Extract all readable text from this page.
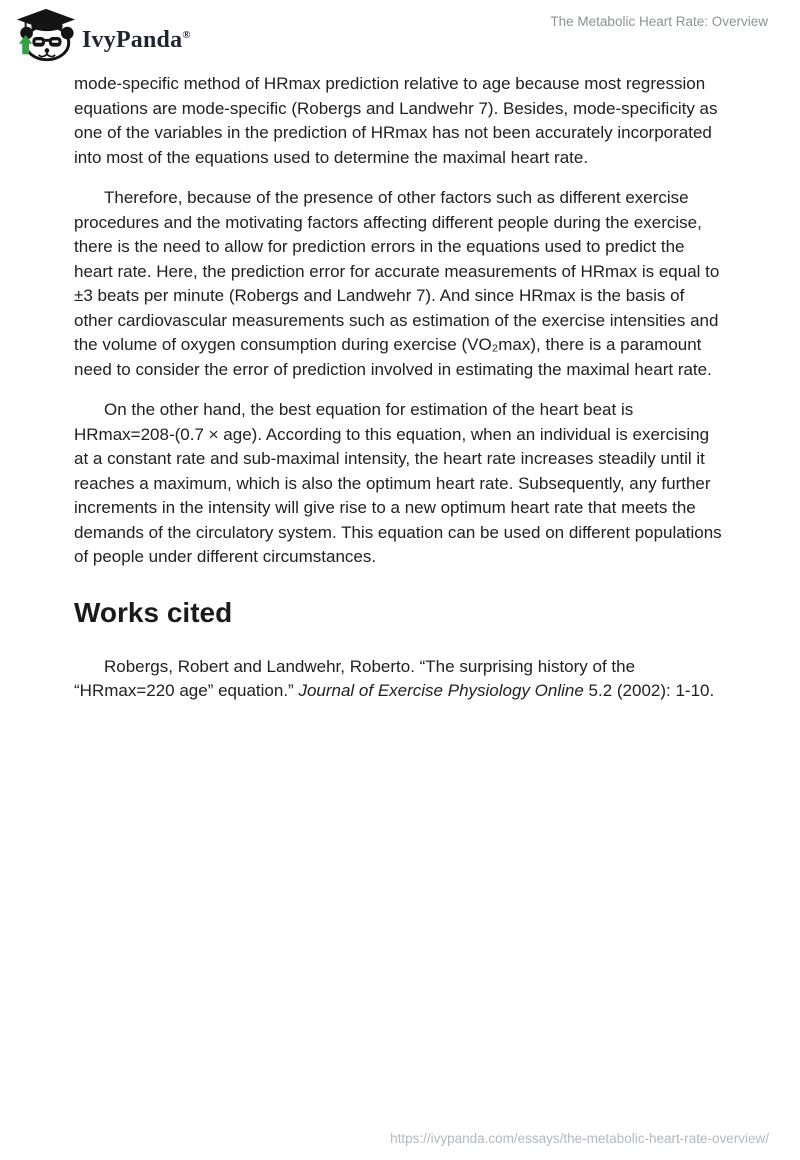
IvyPanda®
The Metabolic Heart Rate: Overview

mode-specific method of HRmax prediction relative to age because most regression equations are mode-specific (Robergs and Landwehr 7). Besides, mode-specificity as one of the variables in the prediction of HRmax has not been accurately incorporated into most of the equations used to determine the maximal heart rate.

Therefore, because of the presence of other factors such as different exercise procedures and the motivating factors affecting different people during the exercise, there is the need to allow for prediction errors in the equations used to predict the heart rate. Here, the prediction error for accurate measurements of HRmax is equal to ±3 beats per minute (Robergs and Landwehr 7). And since HRmax is the basis of other cardiovascular measurements such as estimation of the exercise intensities and the volume of oxygen consumption during exercise (VO₂max), there is a paramount need to consider the error of prediction involved in estimating the maximal heart rate.

On the other hand, the best equation for estimation of the heart beat is HRmax=208-(0.7 × age). According to this equation, when an individual is exercising at a constant rate and sub-maximal intensity, the heart rate increases steadily until it reaches a maximum, which is also the optimum heart rate. Subsequently, any further increments in the intensity will give rise to a new optimum heart rate that meets the demands of the circulatory system. This equation can be used on different populations of people under different circumstances.

Works cited

Robergs, Robert and Landwehr, Roberto. “The surprising history of the “HRmax=220 age” equation.” Journal of Exercise Physiology Online 5.2 (2002): 1-10.

https://ivypanda.com/essays/the-metabolic-heart-rate-overview/
